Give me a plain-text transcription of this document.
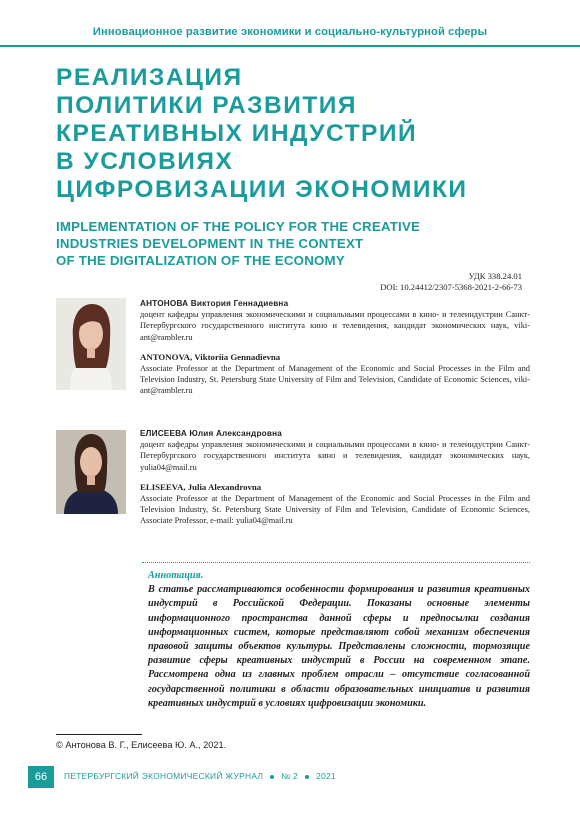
Инновационное развитие экономики и социально-культурной сферы
РЕАЛИЗАЦИЯ
ПОЛИТИКИ РАЗВИТИЯ
КРЕАТИВНЫХ ИНДУСТРИЙ
В УСЛОВИЯХ
ЦИФРОВИЗАЦИИ ЭКОНОМИКИ
IMPLEMENTATION OF THE POLICY FOR THE CREATIVE
INDUSTRIES DEVELOPMENT IN THE CONTEXT
OF THE DIGITALIZATION OF THE ECONOMY
УДК 338.24.01
DOI: 10.24412/2307-5368-2021-2-66-73
АНТОНОВА Виктория Геннадиевна
доцент кафедры управления экономическими и социальными процессами в кино- и телеиндустрии Санкт-Петербургского государственного института кино и телевидения, кандидат экономических наук, viki-ant@rambler.ru
ANTONOVA, Viktoriia Gennadievna
Associate Professor at the Department of Management of the Economic and Social Processes in the Film and Television Industry, St. Petersburg State University of Film and Television, Candidate of Economic Sciences, viki-ant@rambler.ru
ЕЛИСЕЕВА Юлия Александровна
доцент кафедры управления экономическими и социальными процессами в кино- и телеиндустрии Санкт-Петербургского государственного института кино и телевидения, кандидат экономических наук, yulia04@mail.ru
ELISEEVA, Julia Alexandrovna
Associate Professor at the Department of Management of the Economic and Social Processes in the Film and Television Industry, St. Petersburg State University of Film and Television, Candidate of Economic Sciences, Associate Professor, e-mail: yulia04@mail.ru
Аннотация.
В статье рассматриваются особенности формирования и развития креативных индустрий в Российской Федерации. Показаны основные элементы информационного пространства данной сферы и предпосылки создания информационных систем, которые представляют собой механизм обеспечения правовой защиты объектов культуры. Представлены сложности, тормозящие развитие сферы креативных индустрий в России на современном этапе. Рассмотрена одна из главных проблем отрасли – отсутствие согласованной государственной политики в области образовательных инициатив и развития креативных индустрий в условиях цифровизации экономики.
© Антонова В. Г., Елисеева Ю. А., 2021.
66	ПЕТЕРБУРГСКИЙ ЭКОНОМИЧЕСКИЙ ЖУРНАЛ № 2 2021
